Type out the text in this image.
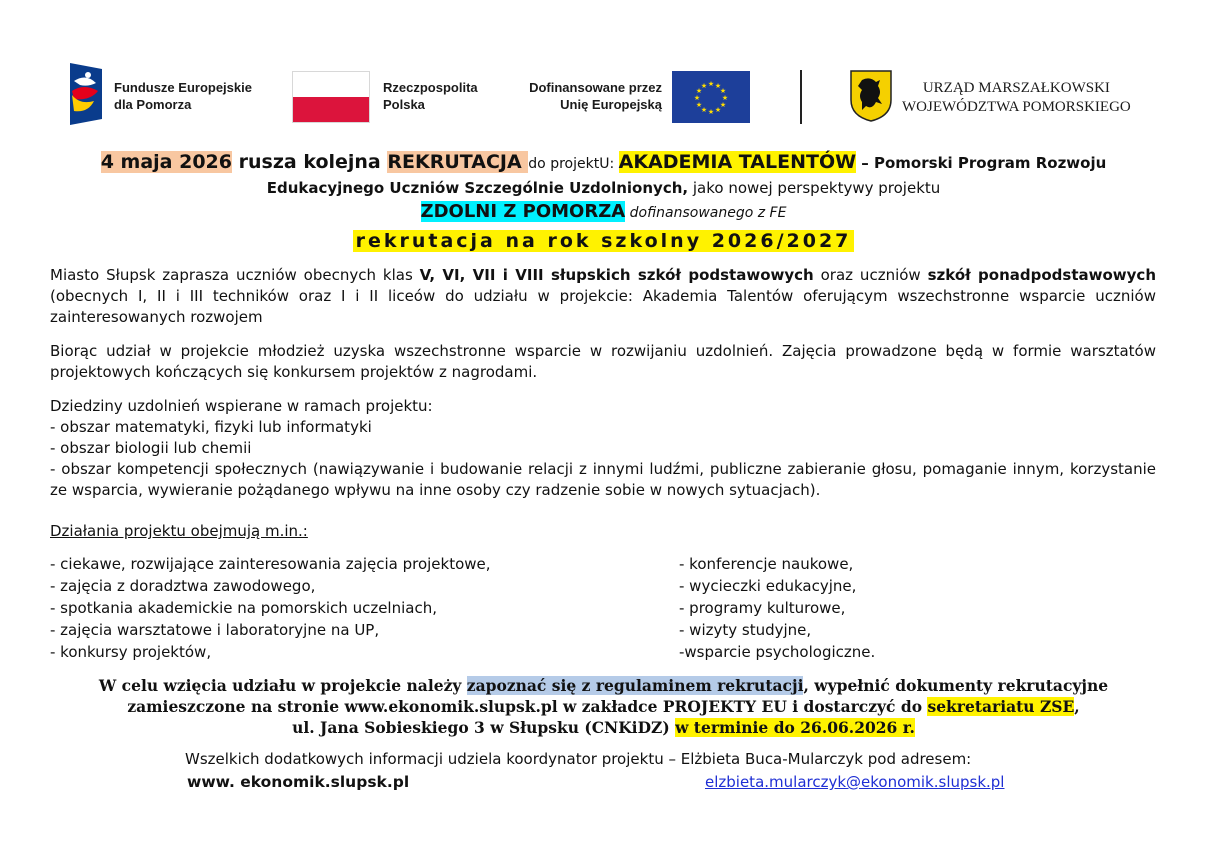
Fundusze Europejskie
dla Pomorza
Rzeczpospolita
Polska
Dofinansowane przez
Unię Europejską
★ ★
★
★
★
★
★
★
★
★
★
★	URZĄD MARSZAŁKOWSKI
WOJEWÓDZTWA POMORSKIEGO
4 maja 2026 rusza kolejna REKRUTACJA do projektU: AKADEMIA TALENTÓW – Pomorski Program Rozwoju
Edukacyjnego Uczniów Szczególnie Uzdolnionych, jako nowej perspektywy projektu
ZDOLNI Z POMORZA dofinansowanego z FE
rekrutacja na rok szkolny 2026/2027
Miasto Słupsk zaprasza uczniów obecnych klas V, VI, VII i VIII słupskich szkół podstawowych oraz uczniów szkół ponadpodstawowych (obecnych I, II i III techników oraz I i II liceów do udziału w projekcie: Akademia Talentów oferującym wszechstronne wsparcie uczniów zainteresowanych rozwojem
Biorąc udział w projekcie młodzież uzyska wszechstronne wsparcie w rozwijaniu uzdolnień. Zajęcia prowadzone będą w formie warsztatów projektowych kończących się konkursem projektów z nagrodami.
Dziedziny uzdolnień wspierane w ramach projektu:
- obszar matematyki, fizyki lub informatyki
- obszar biologii lub chemii
- obszar kompetencji społecznych (nawiązywanie i budowanie relacji z innymi ludźmi, publiczne zabieranie głosu, pomaganie innym, korzystanie ze wsparcia, wywieranie pożądanego wpływu na inne osoby czy radzenie sobie w nowych sytuacjach).
Działania projektu obejmują m.in.:
- ciekawe, rozwijające zainteresowania zajęcia projektowe,
- zajęcia z doradztwa zawodowego,
- spotkania akademickie na pomorskich uczelniach,
- zajęcia warsztatowe i laboratoryjne na UP,
- konkursy projektów,
- konferencje naukowe,
- wycieczki edukacyjne,
- programy kulturowe,
- wizyty studyjne,
-wsparcie psychologiczne.
W celu wzięcia udziału w projekcie należy zapoznać się z regulaminem rekrutacji, wypełnić dokumenty rekrutacyjne
zamieszczone na stronie www.ekonomik.slupsk.pl w zakładce PROJEKTY EU i dostarczyć do sekretariatu ZSE,
ul. Jana Sobieskiego 3 w Słupsku (CNKiDZ) w terminie do 26.06.2026 r.
Wszelkich dodatkowych informacji udziela koordynator projektu – Elżbieta Buca-Mularczyk pod adresem:
www. ekonomik.slupsk.pl	elzbieta.mularczyk@ekonomik.slupsk.pl
